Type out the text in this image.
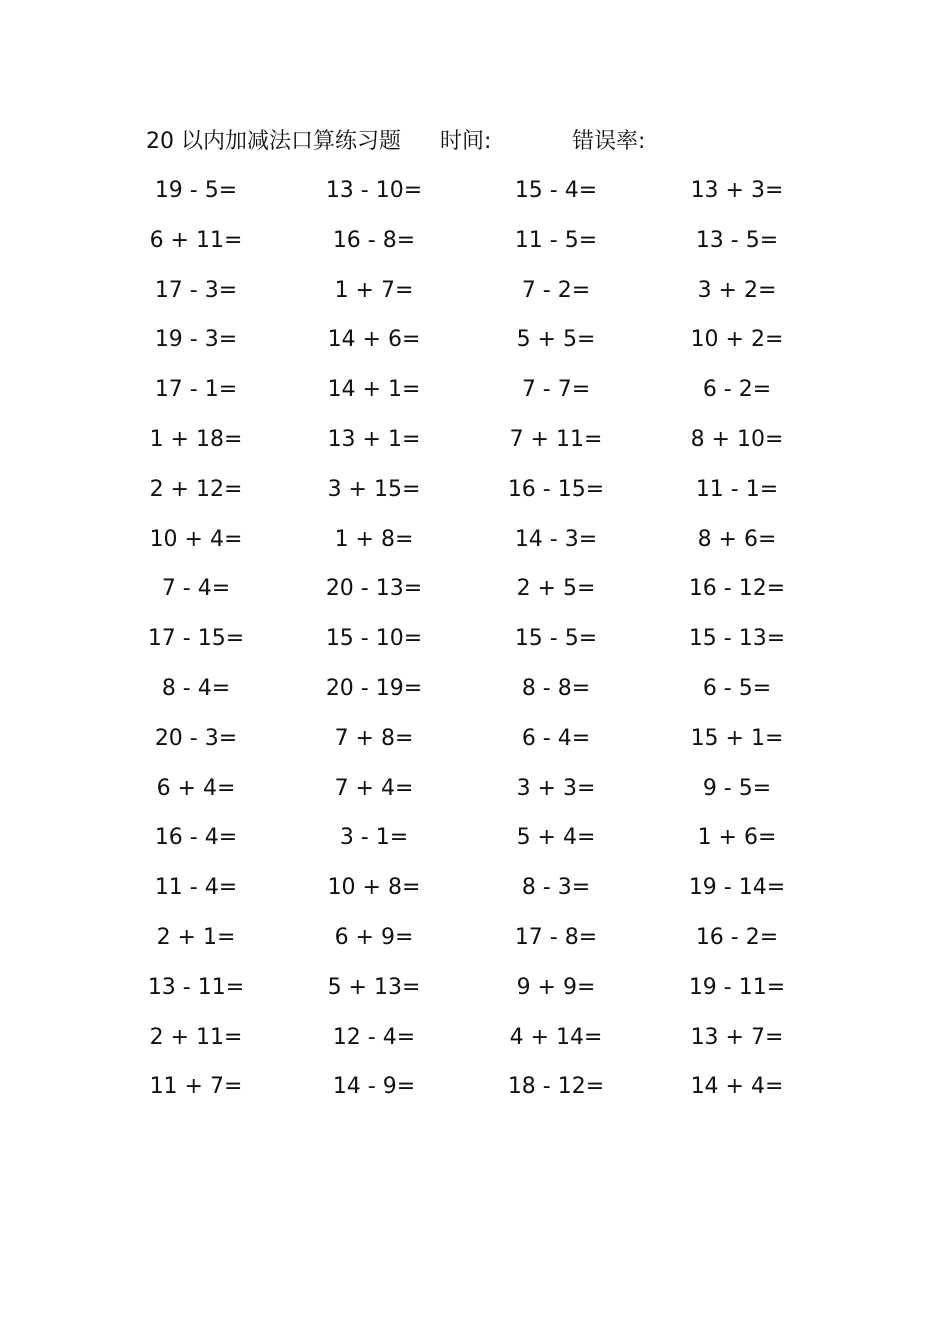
20 以内加减法口算练习题 时间:	错误率:
19 - 5=	13 - 10=	15 - 4=	13 + 3=
6 + 11=	16 - 8=	11 - 5=	13 - 5=
17 - 3=	1 + 7=	7 - 2=	3 + 2=
19 - 3=	14 + 6=	5 + 5=	10 + 2=
17 - 1=	14 + 1=	7 - 7=	6 - 2=
1 + 18=	13 + 1=	7 + 11=	8 + 10=
2 + 12=	3 + 15=	16 - 15=	11 - 1=
10 + 4=	1 + 8=	14 - 3=	8 + 6=
7 - 4=	20 - 13=	2 + 5=	16 - 12=
17 - 15=	15 - 10=	15 - 5=	15 - 13=
8 - 4=	20 - 19=	8 - 8=	6 - 5=
20 - 3=	7 + 8=	6 - 4=	15 + 1=
6 + 4=	7 + 4=	3 + 3=	9 - 5=
16 - 4=	3 - 1=	5 + 4=	1 + 6=
11 - 4=	10 + 8=	8 - 3=	19 - 14=
2 + 1=	6 + 9=	17 - 8=	16 - 2=
13 - 11=	5 + 13=	9 + 9=	19 - 11=
2 + 11=	12 - 4=	4 + 14=	13 + 7=
11 + 7=	14 - 9=	18 - 12=	14 + 4=
